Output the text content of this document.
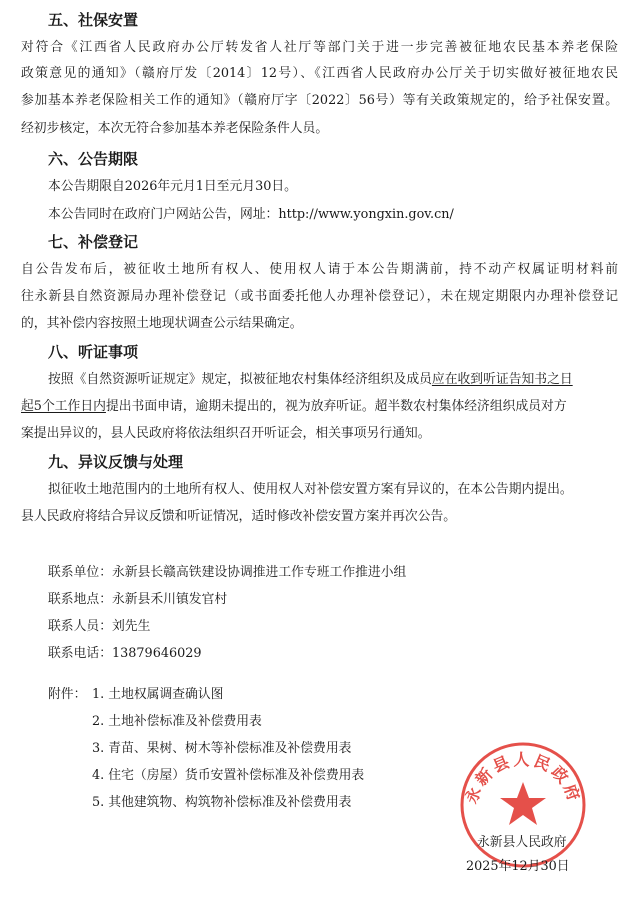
五、社保安置
对符合《江西省人民政府办公厅转发省人社厅等部门关于进一步完善被征地农民基本养老保险
政策意见的通知》（赣府厅发〔2014〕12号）、《江西省人民政府办公厅关于切实做好被征地农民
参加基本养老保险相关工作的通知》（赣府厅字〔2022〕56号）等有关政策规定的，给予社保安置。
经初步核定，本次无符合参加基本养老保险条件人员。
六、公告期限
本公告期限自2026年元月1日至元月30日。
本公告同时在政府门户网站公告，网址：http://www.yongxin.gov.cn/
七、补偿登记
自公告发布后，被征收土地所有权人、使用权人请于本公告期满前，持不动产权属证明材料前
往永新县自然资源局办理补偿登记（或书面委托他人办理补偿登记），未在规定期限内办理补偿登记
的，其补偿内容按照土地现状调查公示结果确定。
八、听证事项
按照《自然资源听证规定》规定，拟被征地农村集体经济组织及成员应在收到听证告知书之日
起5个工作日内提出书面申请，逾期未提出的，视为放弃听证。超半数农村集体经济组织成员对方
案提出异议的，县人民政府将依法组织召开听证会，相关事项另行通知。
九、异议反馈与处理
拟征收土地范围内的土地所有权人、使用权人对补偿安置方案有异议的，在本公告期内提出。
县人民政府将结合异议反馈和听证情况，适时修改补偿安置方案并再次公告。
联系单位：永新县长赣高铁建设协调推进工作专班工作推进小组
联系地点：永新县禾川镇发官村
联系人员：刘先生
联系电话：13879646029
附件： 1. 土地权属调查确认图
2. 土地补偿标准及补偿费用表
3. 青苗、果树、树木等补偿标准及补偿费用表
4. 住宅（房屋）货币安置补偿标准及补偿费用表
5. 其他建筑物、构筑物补偿标准及补偿费用表	永新县人民政府
永新县人民政府
2025年12月30日
